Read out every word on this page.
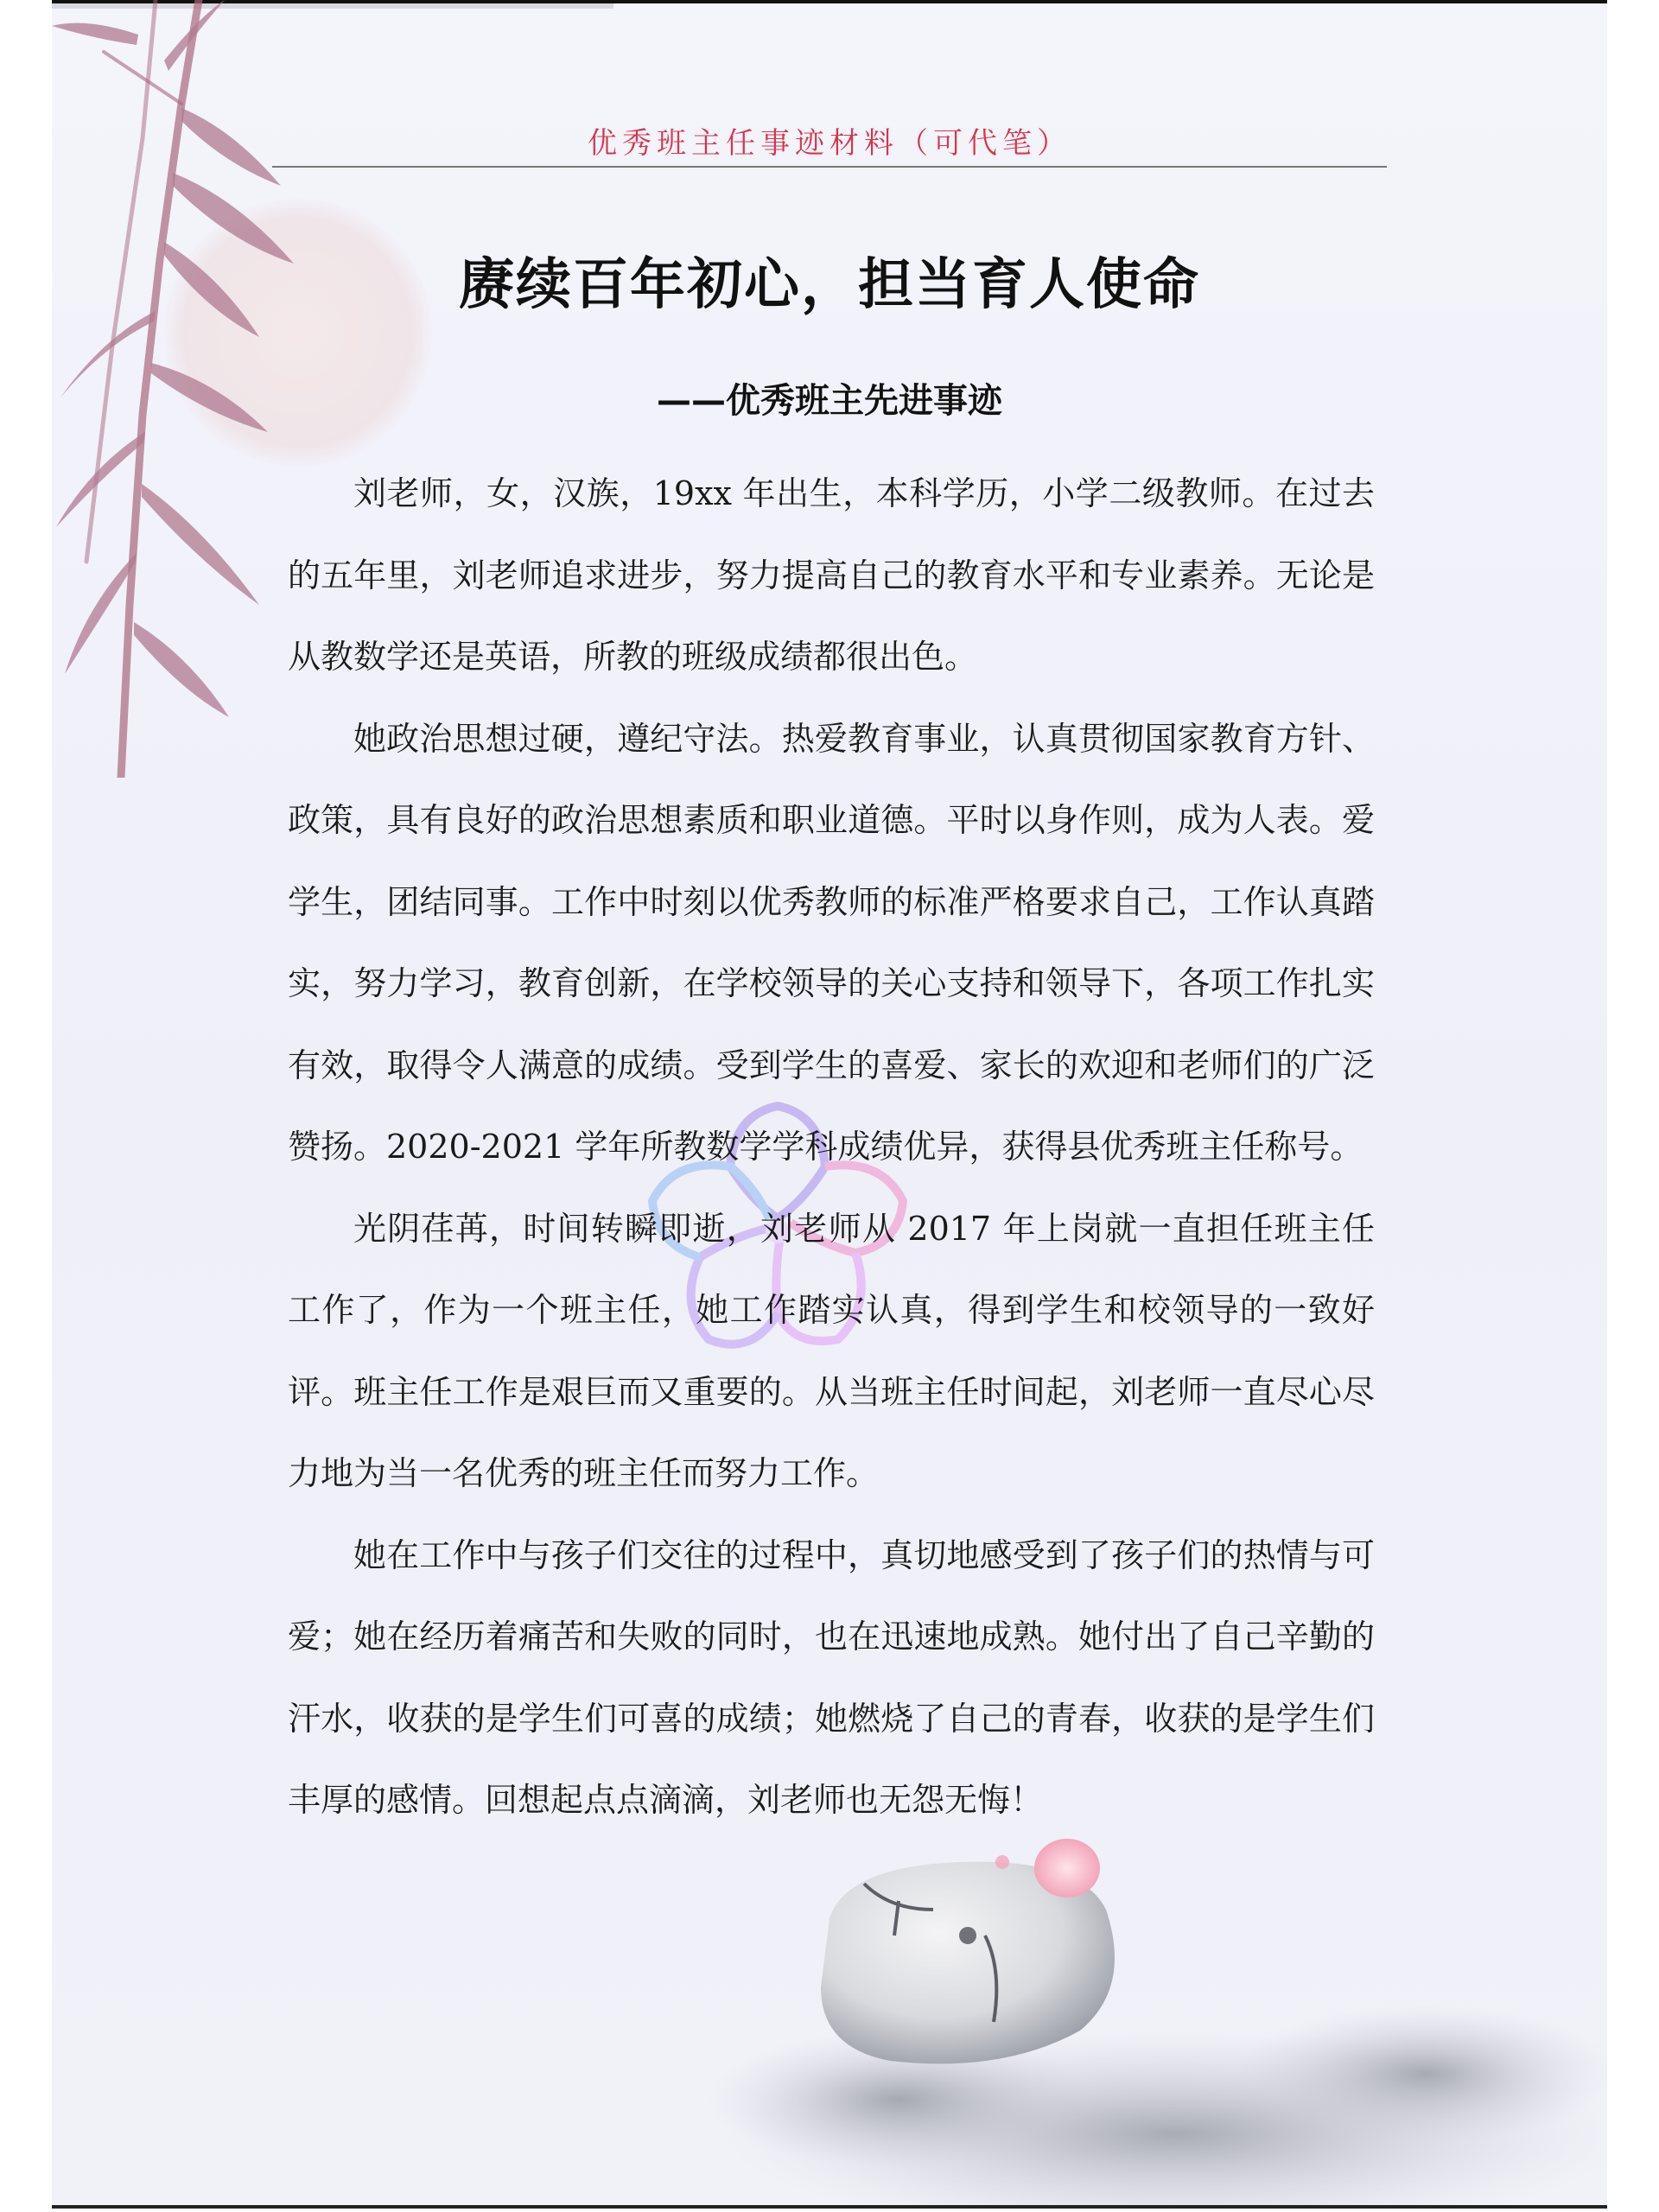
优秀班主任事迹材料（可代笔）
赓续百年初心，担当育人使命
——优秀班主先进事迹

刘老师，女，汉族，19xx 年出生，本科学历，小学二级教师。在过去的五年里，刘老师追求进步，努力提高自己的教育水平和专业素养。无论是从教数学还是英语，所教的班级成绩都很出色。

她政治思想过硬，遵纪守法。热爱教育事业，认真贯彻国家教育方针、政策，具有良好的政治思想素质和职业道德。平时以身作则，成为人表。爱学生，团结同事。工作中时刻以优秀教师的标准严格要求自己，工作认真踏实，努力学习，教育创新，在学校领导的关心支持和领导下，各项工作扎实有效，取得令人满意的成绩。受到学生的喜爱、家长的欢迎和老师们的广泛赞扬。2020-2021 学年所教数学学科成绩优异，获得县优秀班主任称号。

光阴荏苒，时间转瞬即逝，刘老师从 2017 年上岗就一直担任班主任工作了，作为一个班主任，她工作踏实认真，得到学生和校领导的一致好评。班主任工作是艰巨而又重要的。从当班主任时间起，刘老师一直尽心尽力地为当一名优秀的班主任而努力工作。

她在工作中与孩子们交往的过程中，真切地感受到了孩子们的热情与可爱；她在经历着痛苦和失败的同时，也在迅速地成熟。她付出了自己辛勤的汗水，收获的是学生们可喜的成绩；她燃烧了自己的青春，收获的是学生们丰厚的感情。回想起点点滴滴，刘老师也无怨无悔！
